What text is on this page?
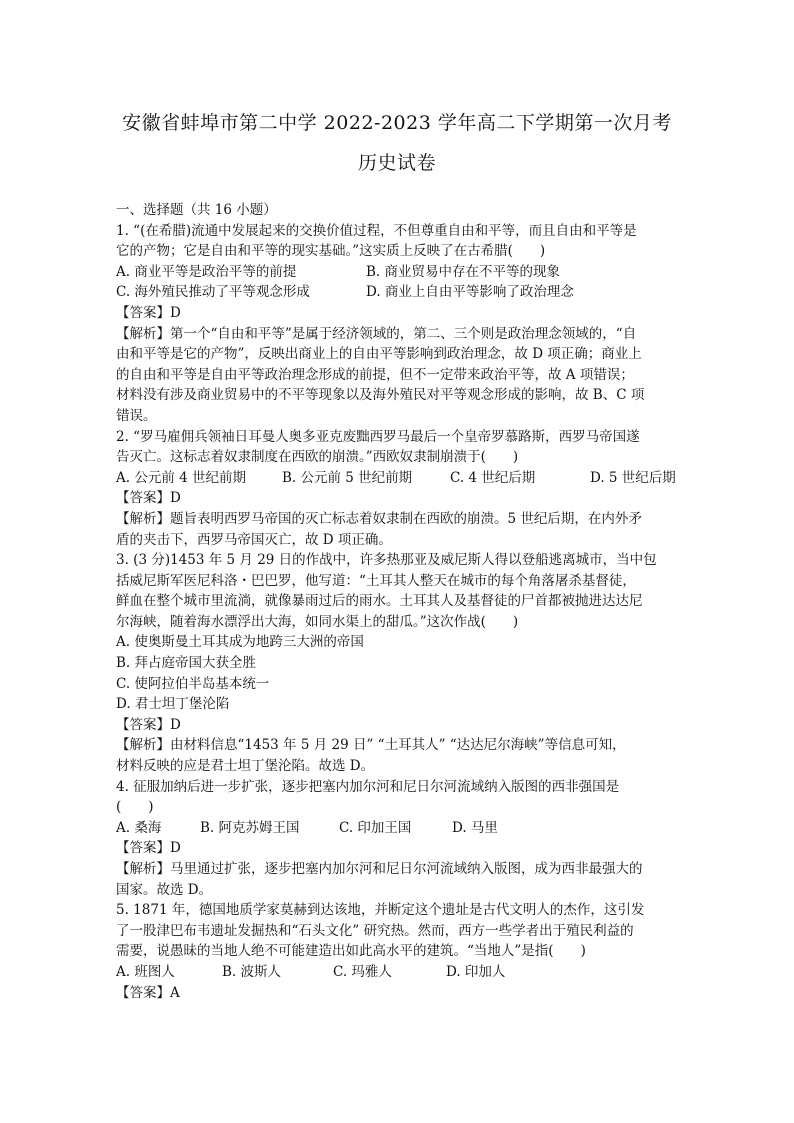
安徽省蚌埠市第二中学 2022-2023 学年高二下学期第一次月考
历史试卷
一、选择题（共 16 小题）
1. “(在希腊)流通中发展起来的交换价值过程，不但尊重自由和平等，而且自由和平等是
它的产物；它是自由和平等的现实基础。”这实质上反映了在古希腊(　　)
A. 商业平等是政治平等的前提	B. 商业贸易中存在不平等的现象
C. 海外殖民推动了平等观念形成	D. 商业上自由平等影响了政治理念
【答案】D
【解析】第一个“自由和平等”是属于经济领域的，第二、三个则是政治理念领域的，“自
由和平等是它的产物”，反映出商业上的自由平等影响到政治理念，故 D 项正确；商业上
的自由和平等是自由平等政治理念形成的前提，但不一定带来政治平等，故 A 项错误；
材料没有涉及商业贸易中的不平等现象以及海外殖民对平等观念形成的影响，故 B、C 项
错误。
2. “罗马雇佣兵领袖日耳曼人奥多亚克废黜西罗马最后一个皇帝罗慕路斯，西罗马帝国遂
告灭亡。这标志着奴隶制度在西欧的崩溃。”西欧奴隶制崩溃于(　　)
A. 公元前 4 世纪前期	B. 公元前 5 世纪前期	C. 4 世纪后期	D. 5 世纪后期
【答案】D
【解析】题旨表明西罗马帝国的灭亡标志着奴隶制在西欧的崩溃。5 世纪后期，在内外矛
盾的夹击下，西罗马帝国灭亡，故 D 项正确。
3. (3 分)1453 年 5 月 29 日的作战中，许多热那亚及威尼斯人得以登船逃离城市，当中包
括威尼斯军医尼科洛・巴巴罗，他写道：“土耳其人整天在城市的每个角落屠杀基督徒，
鲜血在整个城市里流淌，就像暴雨过后的雨水。土耳其人及基督徒的尸首都被抛进达达尼
尔海峡，随着海水漂浮出大海，如同水渠上的甜瓜。”这次作战(　　)
A. 使奥斯曼土耳其成为地跨三大洲的帝国
B. 拜占庭帝国大获全胜
C. 使阿拉伯半岛基本统一
D. 君士坦丁堡沦陷
【答案】D
【解析】由材料信息“1453 年 5 月 29 日” “土耳其人” “达达尼尔海峡”等信息可知，
材料反映的应是君士坦丁堡沦陷。故选 D。
4. 征服加纳后进一步扩张，逐步把塞内加尔河和尼日尔河流域纳入版图的西非强国是
(　　)
A. 桑海	B. 阿克苏姆王国	C. 印加王国	D. 马里
【答案】D
【解析】马里通过扩张，逐步把塞内加尔河和尼日尔河流域纳入版图，成为西非最强大的
国家。故选 D。
5. 1871 年，德国地质学家莫赫到达该地，并断定这个遗址是古代文明人的杰作，这引发
了一股津巴布韦遗址发掘热和“石头文化” 研究热。然而，西方一些学者出于殖民利益的
需要，说愚昧的当地人绝不可能建造出如此高水平的建筑。“当地人”是指(　　)
A. 班图人	B. 波斯人	C. 玛雅人	D. 印加人
【答案】A
